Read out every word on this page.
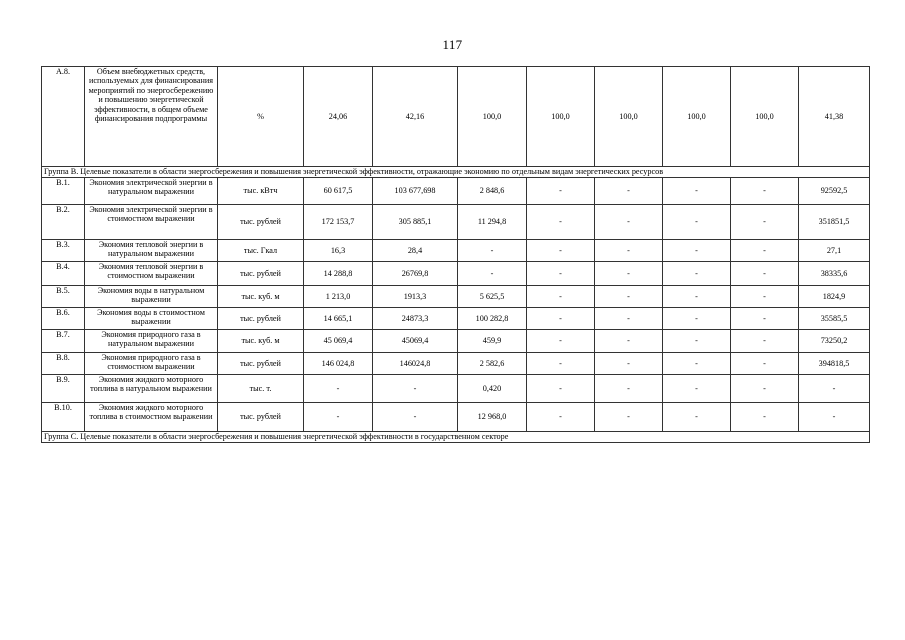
117
А.8.	Объем внебюджетных средств, используемых для финансирования мероприятий по энергосбережению и повышению энергетической эффективности, в общем объеме финансирования подпрограммы	%	24,06	42,16	100,0	100,0	100,0	100,0	100,0	41,38
Группа B. Целевые показатели в области энергосбережения и повышения энергетической эффективности, отражающие экономию по отдельным видам энергетических ресурсов										
B.1.	Экономия электрической энергии в натуральном выражении	тыс. кВтч	60 617,5	103 677,698	2 848,6	-	-	-	-	92592,5
B.2.	Экономия электрической энергии в стоимостном выражении	тыс. рублей	172 153,7	305 885,1	11 294,8	-	-	-	-	351851,5
B.3.	Экономия тепловой энергии в натуральном выражении	тыс. Гкал	16,3	28,4	-	-	-	-	-	27,1
B.4.	Экономия тепловой энергии в стоимостном выражении	тыс. рублей	14 288,8	26769,8	-	-	-	-	-	38335,6
B.5.	Экономия воды в натуральном выражении	тыс. куб. м	1 213,0	1913,3	5 625,5	-	-	-	-	1824,9
B.6.	Экономия воды в стоимостном выражении	тыс. рублей	14 665,1	24873,3	100 282,8	-	-	-	-	35585,5
B.7.	Экономия природного газа в натуральном выражении	тыс. куб. м	45 069,4	45069,4	459,9	-	-	-	-	73250,2
B.8.	Экономия природного газа в стоимостном выражении	тыс. рублей	146 024,8	146024,8	2 582,6	-	-	-	-	394818,5
B.9.	Экономия жидкого моторного топлива в натуральном выражении	тыс. т.	-	-	0,420	-	-	-	-	-
B.10.	Экономия жидкого моторного топлива в стоимостном выражении	тыс. рублей	-	-	12 968,0	-	-	-	-	-
Группа C. Целевые показатели в области энергосбережения и повышения энергетической эффективности в государственном секторе										
